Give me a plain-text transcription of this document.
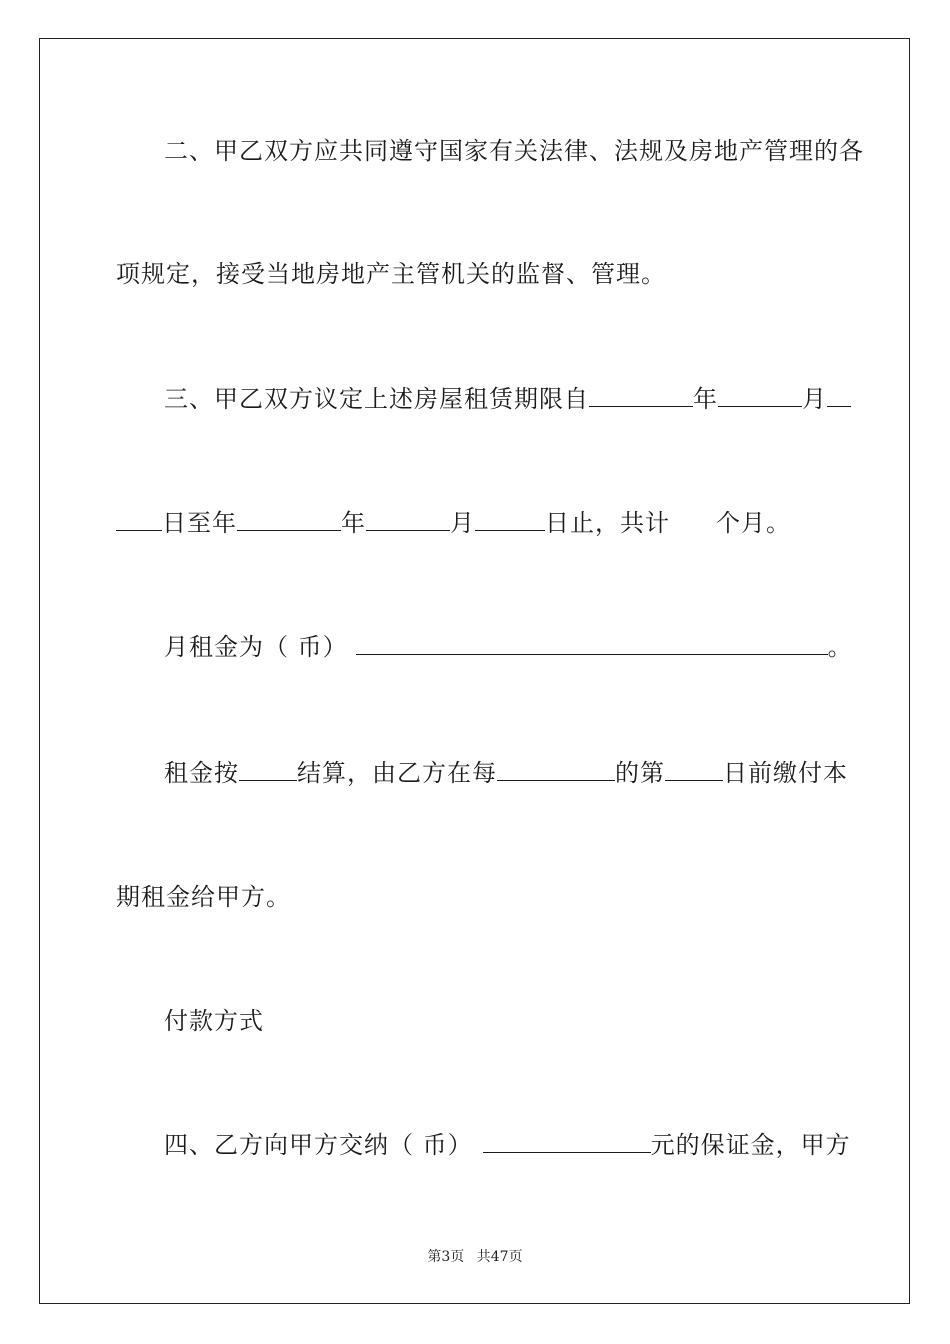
二、甲乙双方应共同遵守国家有关法律、法规及房地产管理的各
项规定，接受当地房地产主管机关的监督、管理。
三、甲乙双方议定上述房屋租赁期限自	年	月
日至年	年	月	日止，共计 个月。
月租金为（ 币）	。
租金按 结算，由乙方在每	的第 日前缴付本
期租金给甲方。
付款方式
四、乙方向甲方交纳（ 币）	元的保证金，甲方
第3页 共47页
